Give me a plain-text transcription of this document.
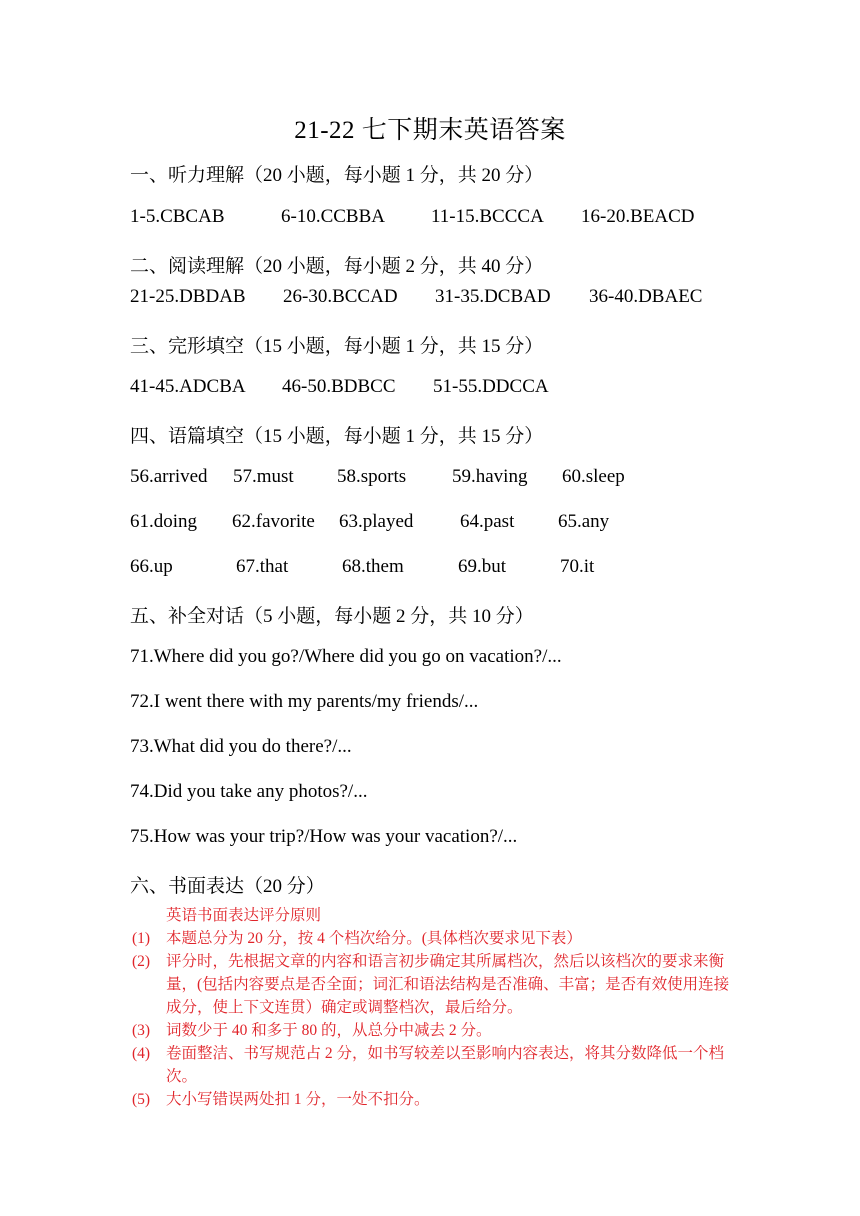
21-22 七下期末英语答案
一、听力理解（20 小题，每小题 1 分，共 20 分）
1-5.CBCAB	6-10.CCBBA 11-15.BCCCA 16-20.BEACD
二、阅读理解（20 小题，每小题 2 分，共 40 分）
21-25.DBDAB 26-30.BCCAD 31-35.DCBAD 36-40.DBAEC
三、完形填空（15 小题，每小题 1 分，共 15 分）
41-45.ADCBA 46-50.BDBCC 51-55.DDCCA
四、语篇填空（15 小题，每小题 1 分，共 15 分）
56.arrived 57.must 58.sports 59.having 60.sleep
61.doing 62.favorite 63.played 64.past 65.any
66.up	67.that	68.them	69.but	70.it
五、补全对话（5 小题，每小题 2 分，共 10 分）
71.Where did you go?/Where did you go on vacation?/...
72.I went there with my parents/my friends/...
73.What did you do there?/...
74.Did you take any photos?/...
75.How was your trip?/How was your vacation?/...
六、书面表达（20 分）
英语书面表达评分原则
(1) 本题总分为 20 分，按 4 个档次给分。(具体档次要求见下表）
(2) 评分时，先根据文章的内容和语言初步确定其所属档次，然后以该档次的要求来衡量，(包括内容要点是否全面；词汇和语法结构是否准确、丰富；是否有效使用连接成分，使上下文连贯）确定或调整档次，最后给分。
(3) 词数少于 40 和多于 80 的，从总分中减去 2 分。
(4) 卷面整洁、书写规范占 2 分，如书写较差以至影响内容表达，将其分数降低一个档次。
(5) 大小写错误两处扣 1 分，一处不扣分。
